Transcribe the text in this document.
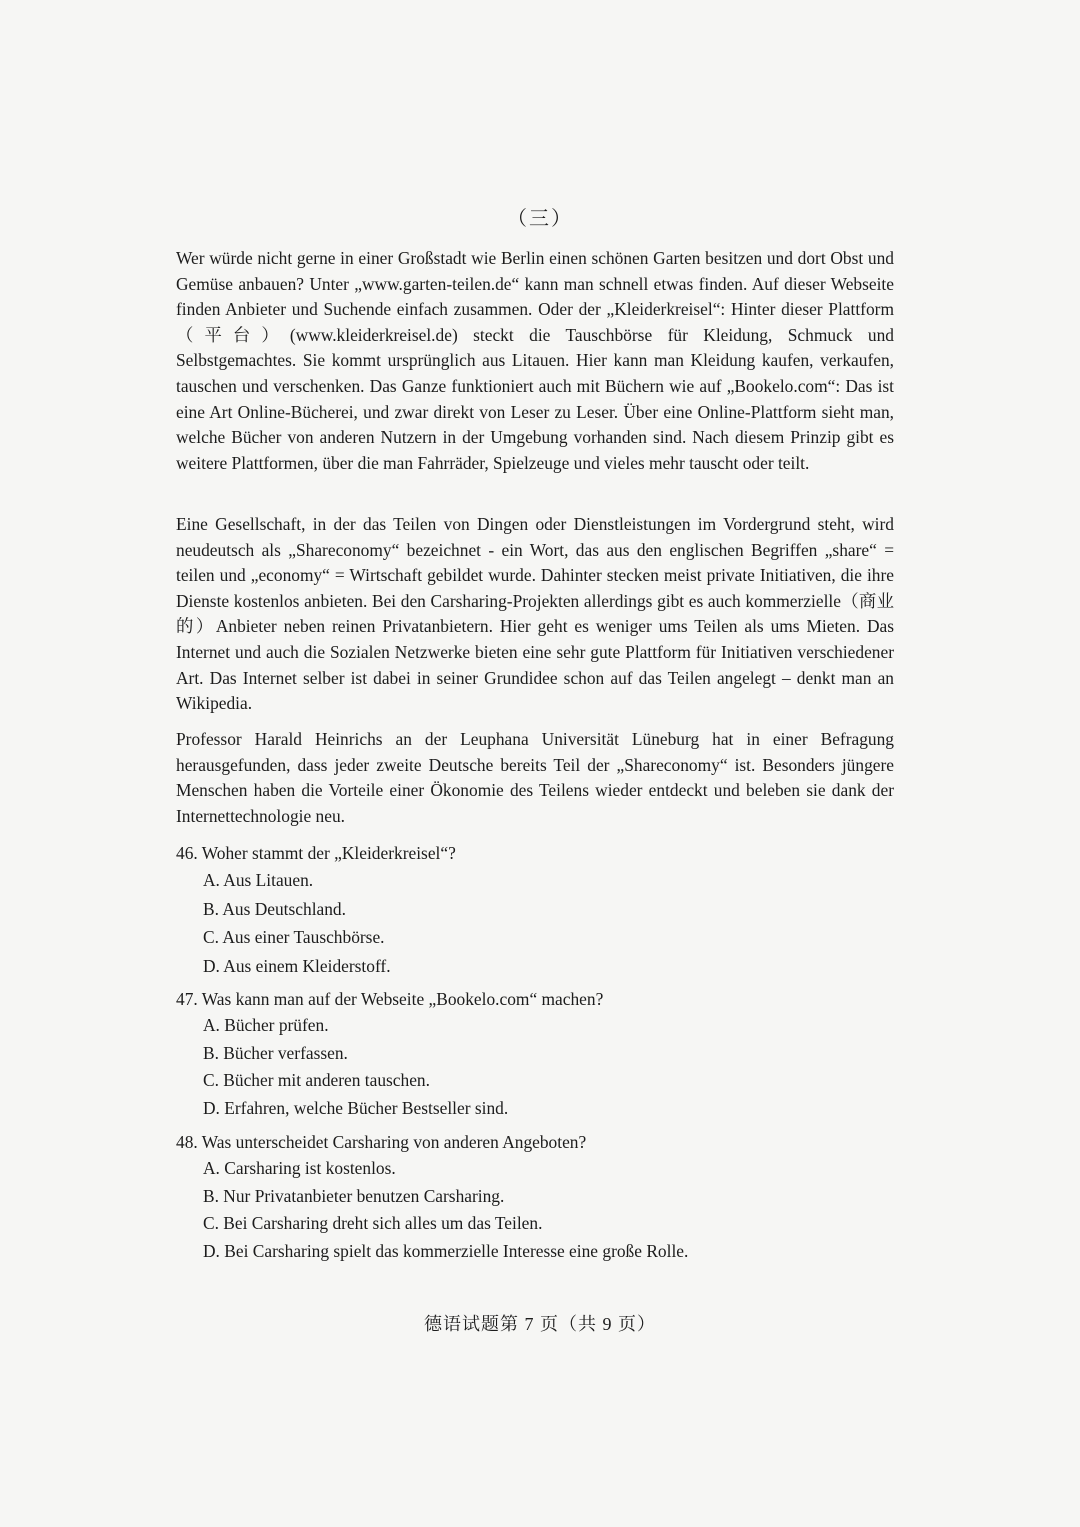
（三）

Wer würde nicht gerne in einer Großstadt wie Berlin einen schönen Garten besitzen und dort Obst und Gemüse anbauen? Unter „www.garten-teilen.de“ kann man schnell etwas finden. Auf dieser Webseite finden Anbieter und Suchende einfach zusammen. Oder der „Kleiderkreisel“: Hinter dieser Plattform（平台）(www.kleiderkreisel.de) steckt die Tauschbörse für Kleidung, Schmuck und Selbstgemachtes. Sie kommt ursprünglich aus Litauen. Hier kann man Kleidung kaufen, verkaufen, tauschen und verschenken. Das Ganze funktioniert auch mit Büchern wie auf „Bookelo.com“: Das ist eine Art Online-Bücherei, und zwar direkt von Leser zu Leser. Über eine Online-Plattform sieht man, welche Bücher von anderen Nutzern in der Umgebung vorhanden sind. Nach diesem Prinzip gibt es weitere Plattformen, über die man Fahrräder, Spielzeuge und vieles mehr tauscht oder teilt.

Eine Gesellschaft, in der das Teilen von Dingen oder Dienstleistungen im Vordergrund steht, wird neudeutsch als „Shareconomy“ bezeichnet - ein Wort, das aus den englischen Begriffen „share“ = teilen und „economy“ = Wirtschaft gebildet wurde. Dahinter stecken meist private Initiativen, die ihre Dienste kostenlos anbieten. Bei den Carsharing-Projekten allerdings gibt es auch kommerzielle（商业的）Anbieter neben reinen Privatanbietern. Hier geht es weniger ums Teilen als ums Mieten. Das Internet und auch die Sozialen Netzwerke bieten eine sehr gute Plattform für Initiativen verschiedener Art. Das Internet selber ist dabei in seiner Grundidee schon auf das Teilen angelegt – denkt man an Wikipedia.

Professor Harald Heinrichs an der Leuphana Universität Lüneburg hat in einer Befragung herausgefunden, dass jeder zweite Deutsche bereits Teil der „Shareconomy“ ist. Besonders jüngere Menschen haben die Vorteile einer Ökonomie des Teilens wieder entdeckt und beleben sie dank der Internettechnologie neu.

46. Woher stammt der „Kleiderkreisel“?

A. Aus Litauen.

B. Aus Deutschland.

C. Aus einer Tauschbörse.

D. Aus einem Kleiderstoff.

47. Was kann man auf der Webseite „Bookelo.com“ machen?

A. Bücher prüfen.

B. Bücher verfassen.

C. Bücher mit anderen tauschen.

D. Erfahren, welche Bücher Bestseller sind.

48. Was unterscheidet Carsharing von anderen Angeboten?

A. Carsharing ist kostenlos.

B. Nur Privatanbieter benutzen Carsharing.

C. Bei Carsharing dreht sich alles um das Teilen.

D. Bei Carsharing spielt das kommerzielle Interesse eine große Rolle.

德语试题第 7 页（共 9 页）
